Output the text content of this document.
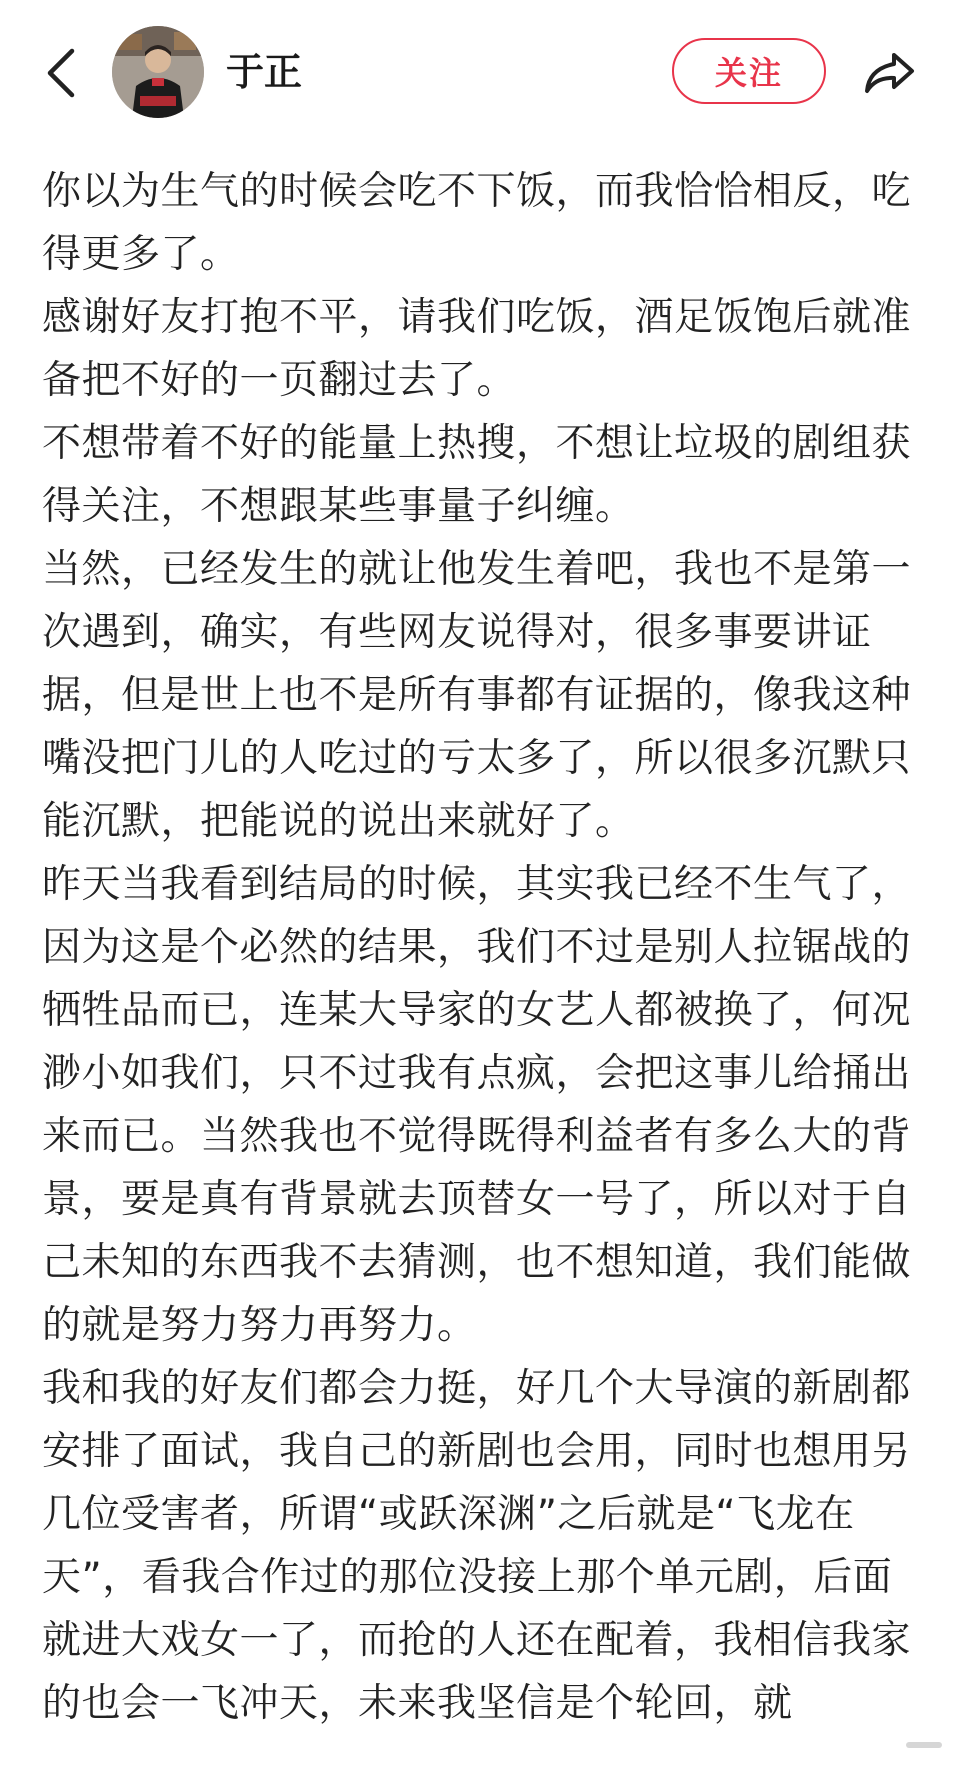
于正	关注

你以为生气的时候会吃不下饭，而我恰恰相反，吃得更多了。

感谢好友打抱不平，请我们吃饭，酒足饭饱后就准备把不好的一页翻过去了。

不想带着不好的能量上热搜，不想让垃圾的剧组获得关注，不想跟某些事量子纠缠。

当然，已经发生的就让他发生着吧，我也不是第一次遇到，确实，有些网友说得对，很多事要讲证据，但是世上也不是所有事都有证据的，像我这种嘴没把门儿的人吃过的亏太多了，所以很多沉默只能沉默，把能说的说出来就好了。

昨天当我看到结局的时候，其实我已经不生气了，因为这是个必然的结果，我们不过是别人拉锯战的牺牲品而已，连某大导家的女艺人都被换了，何况渺小如我们，只不过我有点疯，会把这事儿给捅出来而已。当然我也不觉得既得利益者有多么大的背景，要是真有背景就去顶替女一号了，所以对于自己未知的东西我不去猜测，也不想知道，我们能做的就是努力努力再努力。

我和我的好友们都会力挺，好几个大导演的新剧都安排了面试，我自己的新剧也会用，同时也想用另几位受害者，所谓“或跃深渊”之后就是“飞龙在天”，看我合作过的那位没接上那个单元剧，后面就进大戏女一了，而抢的人还在配着，我相信我家的也会一飞冲天，未来我坚信是个轮回，就
